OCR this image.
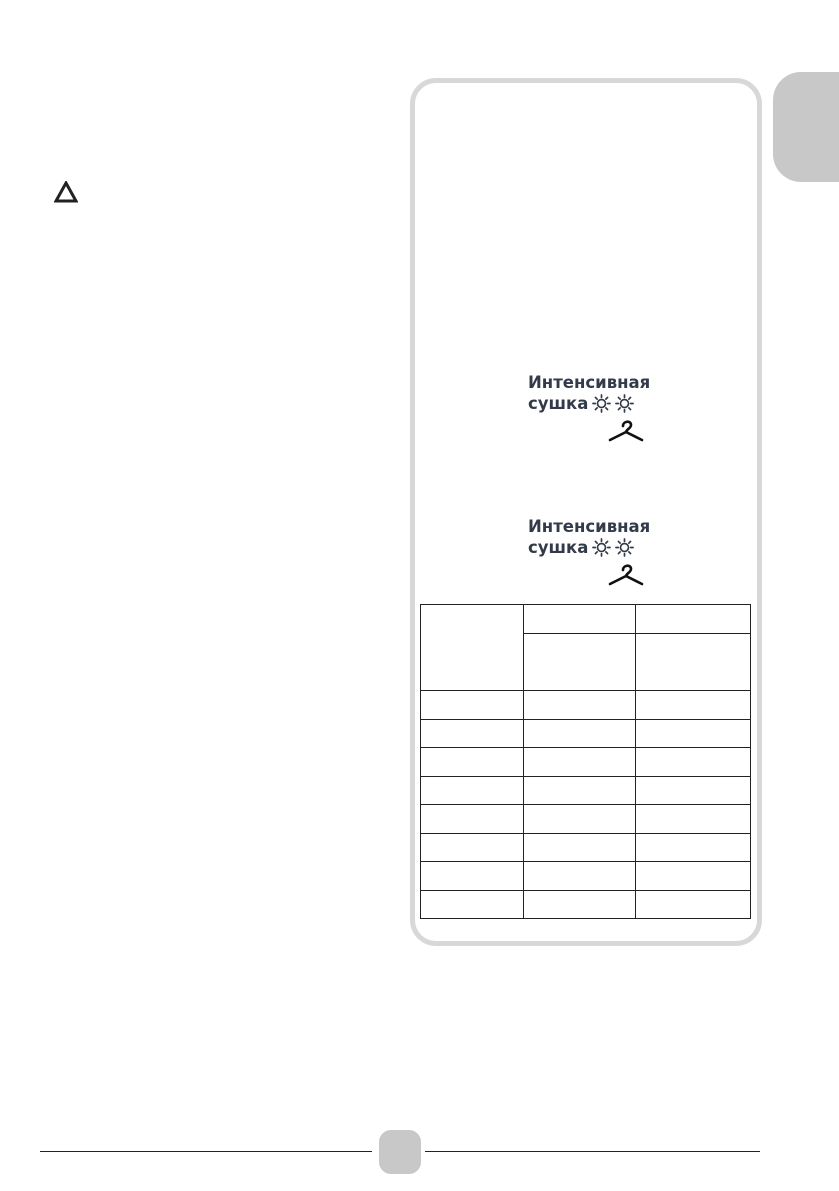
Интенсивная
сушка
Интенсивная
сушка
